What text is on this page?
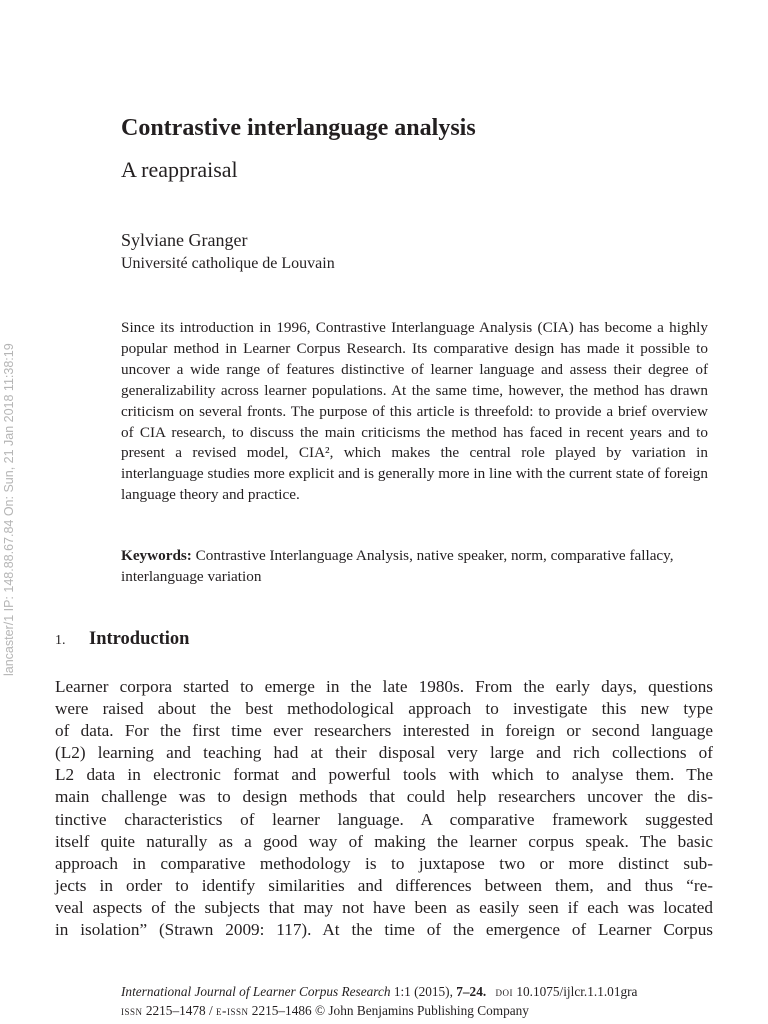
lancaster/1 IP: 148.88.67.84 On: Sun, 21 Jan 2018 11:38:19
Contrastive interlanguage analysis
A reappraisal
Sylviane Granger
Université catholique de Louvain

Since its introduction in 1996, Contrastive Interlanguage Analysis (CIA) has become a highly popular method in Learner Corpus Research. Its comparative design has made it possible to uncover a wide range of features distinctive of learner language and assess their degree of generalizability across learner populations. At the same time, however, the method has drawn criticism on several fronts. The purpose of this article is threefold: to provide a brief overview of CIA research, to discuss the main criticisms the method has faced in recent years and to present a revised model, CIA², which makes the central role played by variation in interlanguage studies more explicit and is generally more in line with the current state of foreign language theory and practice.

Keywords: Contrastive Interlanguage Analysis, native speaker, norm, comparative fallacy, interlanguage variation

1. Introduction
Learner corpora started to emerge in the late 1980s. From the early days, questions
were raised about the best methodological approach to investigate this new type
of data. For the first time ever researchers interested in foreign or second language
(L2) learning and teaching had at their disposal very large and rich collections of
L2 data in electronic format and powerful tools with which to analyse them. The
main challenge was to design methods that could help researchers uncover the dis-
tinctive characteristics of learner language. A comparative framework suggested
itself quite naturally as a good way of making the learner corpus speak. The basic
approach in comparative methodology is to juxtapose two or more distinct sub-
jects in order to identify similarities and differences between them, and thus “re-
veal aspects of the subjects that may not have been as easily seen if each was located
in isolation” (Strawn 2009: 117). At the time of the emergence of Learner Corpus
International Journal of Learner Corpus Research 1:1 (2015), 7–24. doi 10.1075/ijlcr.1.1.01gra
issn 2215–1478 / e-issn 2215–1486 © John Benjamins Publishing Company
